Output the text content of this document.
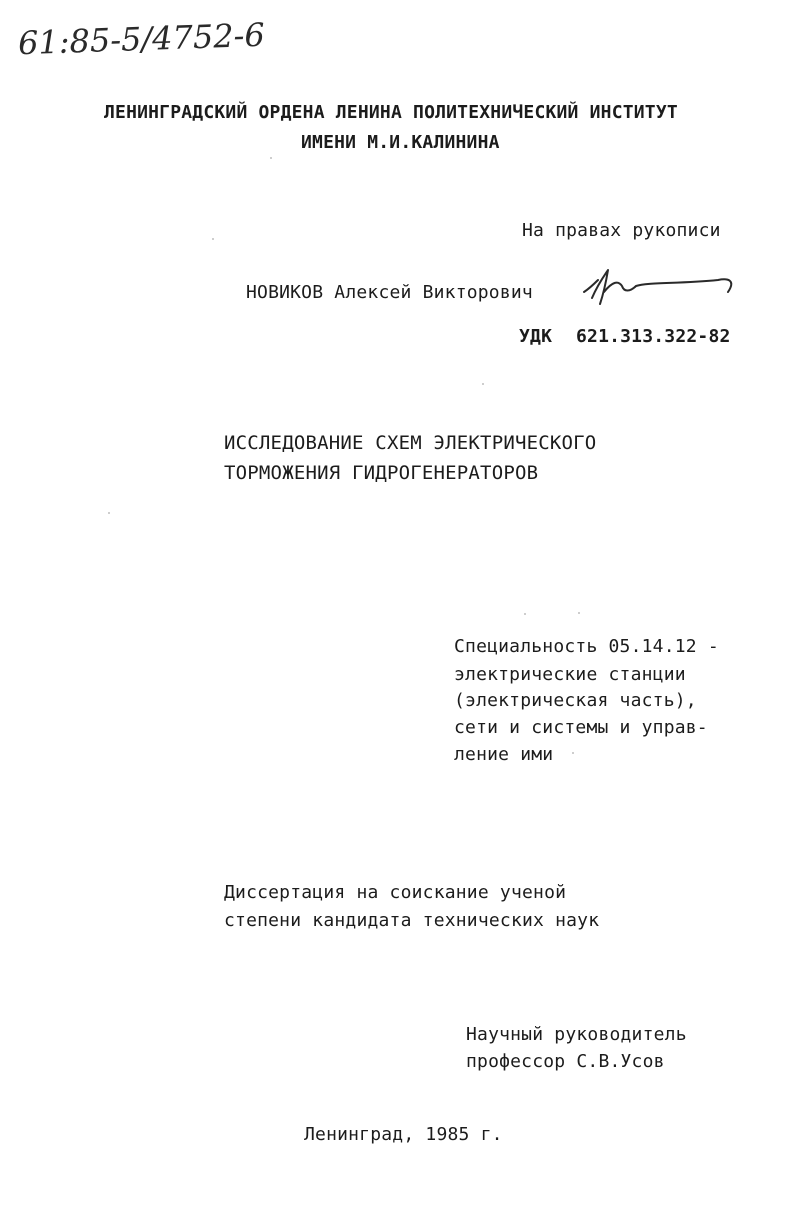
61:85-5/4752-6
ЛЕНИНГРАДСКИЙ ОРДЕНА ЛЕНИНА ПОЛИТЕХНИЧЕСКИЙ ИНСТИТУТ
ИМЕНИ М.И.КАЛИНИНА
На правах рукописи
НОВИКОВ Алексей Викторович
УДК 621.313.322-82
ИССЛЕДОВАНИЕ СХЕМ ЭЛЕКТРИЧЕСКОГО
ТОРМОЖЕНИЯ ГИДРОГЕНЕРАТОРОВ
Специальность 05.14.12 -
электрические станции
(электрическая часть),
сети и системы и управ-
ление ими
Диссертация на соискание ученой
степени кандидата технических наук
Научный руководитель
профессор С.В.Усов
Ленинград, 1985 г.
